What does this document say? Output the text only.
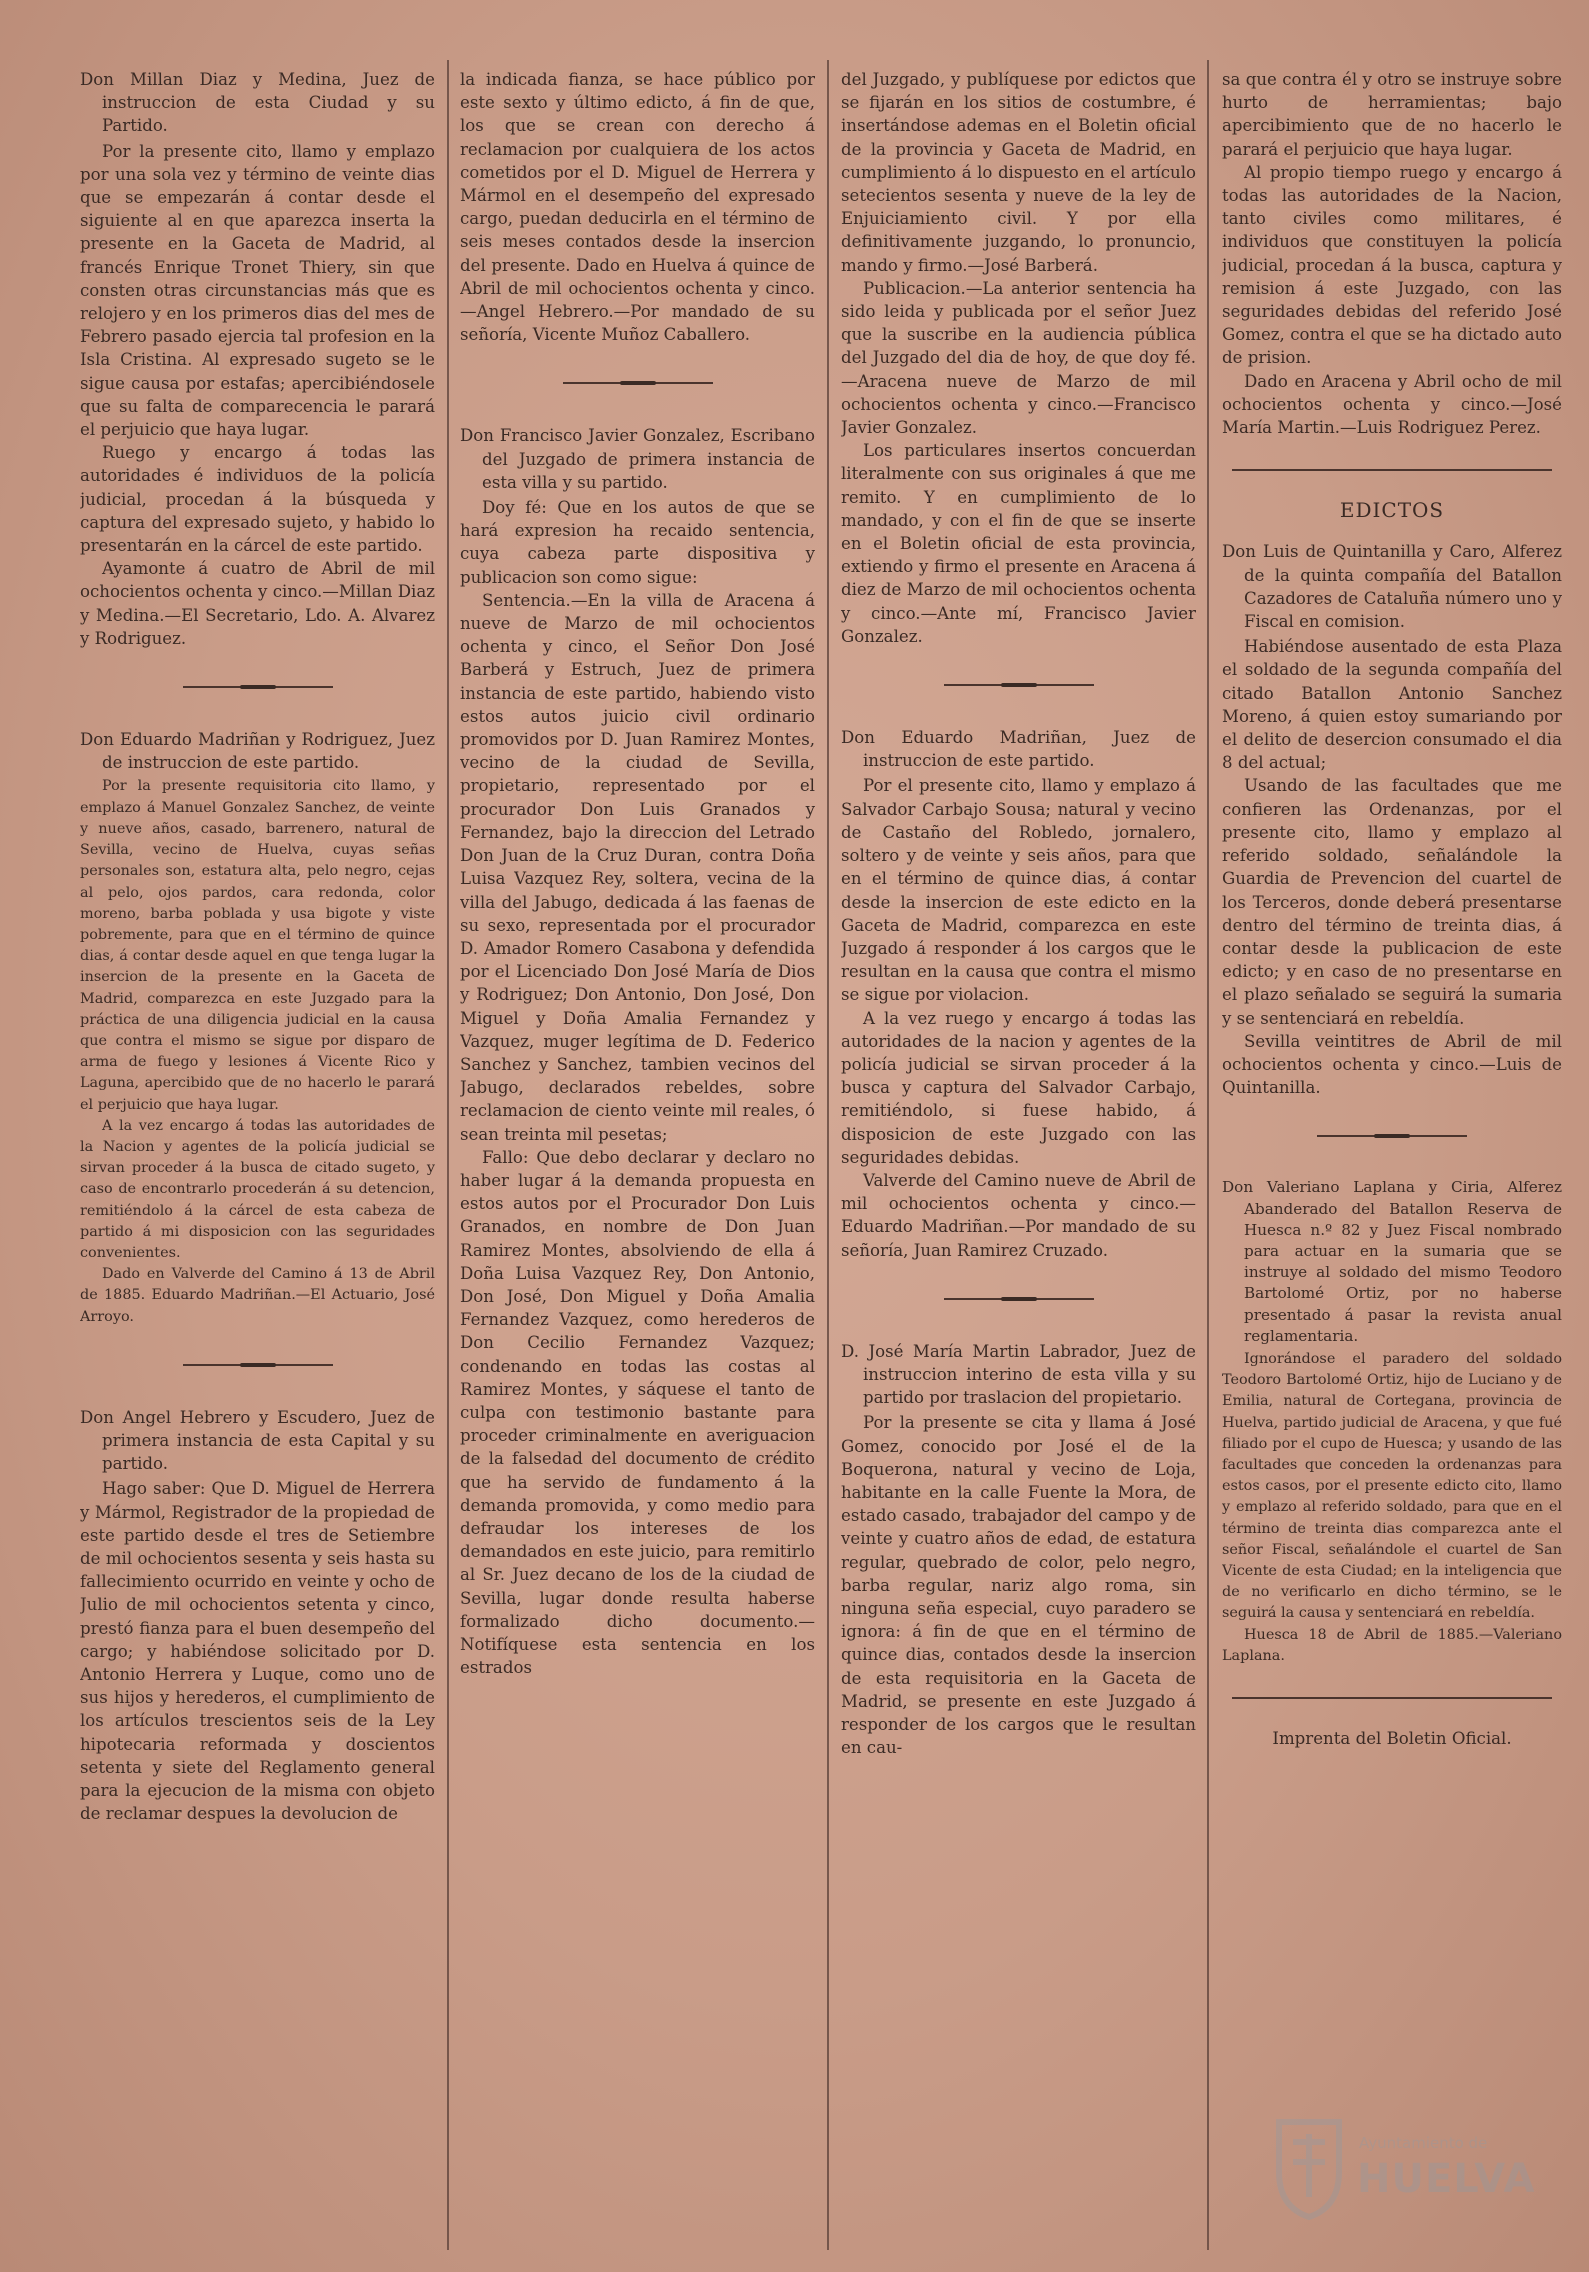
Don Millan Diaz y Medina, Juez de instruccion de esta Ciudad y su Partido.

Por la presente cito, llamo y emplazo por una sola vez y término de veinte dias que se empezarán á contar desde el siguiente al en que aparezca inserta la presente en la Gaceta de Madrid, al francés Enrique Tronet Thiery, sin que consten otras circunstancias más que es relojero y en los primeros dias del mes de Febrero pasado ejercia tal profesion en la Isla Cristina. Al expresado sugeto se le sigue causa por estafas; apercibiéndosele que su falta de comparecencia le parará el perjuicio que haya lugar.

Ruego y encargo á todas las autoridades é individuos de la policía judicial, procedan á la búsqueda y captura del expresado sujeto, y habido lo presentarán en la cárcel de este partido.

Ayamonte á cuatro de Abril de mil ochocientos ochenta y cinco.—Millan Diaz y Medina.—El Secretario, Ldo. A. Alvarez y Rodriguez.

Don Eduardo Madriñan y Rodriguez, Juez de instruccion de este partido.

Por la presente requisitoria cito llamo, y emplazo á Manuel Gonzalez Sanchez, de veinte y nueve años, casado, barrenero, natural de Sevilla, vecino de Huelva, cuyas señas personales son, estatura alta, pelo negro, cejas al pelo, ojos pardos, cara redonda, color moreno, barba poblada y usa bigote y viste pobremente, para que en el término de quince dias, á contar desde aquel en que tenga lugar la insercion de la presente en la Gaceta de Madrid, comparezca en este Juzgado para la práctica de una diligencia judicial en la causa que contra el mismo se sigue por disparo de arma de fuego y lesiones á Vicente Rico y Laguna, apercibido que de no hacerlo le parará el perjuicio que haya lugar.

A la vez encargo á todas las autoridades de la Nacion y agentes de la policía judicial se sirvan proceder á la busca de citado sugeto, y caso de encontrarlo procederán á su detencion, remitiéndolo á la cárcel de esta cabeza de partido á mi disposicion con las seguridades convenientes.

Dado en Valverde del Camino á 13 de Abril de 1885. Eduardo Madriñan.—El Actuario, José Arroyo.

Don Angel Hebrero y Escudero, Juez de primera instancia de esta Capital y su partido.

Hago saber: Que D. Miguel de Herrera y Mármol, Registrador de la propiedad de este partido desde el tres de Setiembre de mil ochocientos sesenta y seis hasta su fallecimiento ocurrido en veinte y ocho de Julio de mil ochocientos setenta y cinco, prestó fianza para el buen desempeño del cargo; y habiéndose solicitado por D. Antonio Herrera y Luque, como uno de sus hijos y herederos, el cumplimiento de los artículos trescientos seis de la Ley hipotecaria reformada y doscientos setenta y siete del Reglamento general para la ejecucion de la misma con objeto de reclamar despues la devolucion de

la indicada fianza, se hace público por este sexto y último edicto, á fin de que, los que se crean con derecho á reclamacion por cualquiera de los actos cometidos por el D. Miguel de Herrera y Mármol en el desempeño del expresado cargo, puedan deducirla en el término de seis meses contados desde la insercion del presente. Dado en Huelva á quince de Abril de mil ochocientos ochenta y cinco.—Angel Hebrero.—Por mandado de su señoría, Vicente Muñoz Caballero.

Don Francisco Javier Gonzalez, Escribano del Juzgado de primera instancia de esta villa y su partido.

Doy fé: Que en los autos de que se hará expresion ha recaido sentencia, cuya cabeza parte dispositiva y publicacion son como sigue:

Sentencia.—En la villa de Aracena á nueve de Marzo de mil ochocientos ochenta y cinco, el Señor Don José Barberá y Estruch, Juez de primera instancia de este partido, habiendo visto estos autos juicio civil ordinario promovidos por D. Juan Ramirez Montes, vecino de la ciudad de Sevilla, propietario, representado por el procurador Don Luis Granados y Fernandez, bajo la direccion del Letrado Don Juan de la Cruz Duran, contra Doña Luisa Vazquez Rey, soltera, vecina de la villa del Jabugo, dedicada á las faenas de su sexo, representada por el procurador D. Amador Romero Casabona y defendida por el Licenciado Don José María de Dios y Rodriguez; Don Antonio, Don José, Don Miguel y Doña Amalia Fernandez y Vazquez, muger legítima de D. Federico Sanchez y Sanchez, tambien vecinos del Jabugo, declarados rebeldes, sobre reclamacion de ciento veinte mil reales, ó sean treinta mil pesetas;

Fallo: Que debo declarar y declaro no haber lugar á la demanda propuesta en estos autos por el Procurador Don Luis Granados, en nombre de Don Juan Ramirez Montes, absolviendo de ella á Doña Luisa Vazquez Rey, Don Antonio, Don José, Don Miguel y Doña Amalia Fernandez Vazquez, como herederos de Don Cecilio Fernandez Vazquez; condenando en todas las costas al Ramirez Montes, y sáquese el tanto de culpa con testimonio bastante para proceder criminalmente en averiguacion de la falsedad del documento de crédito que ha servido de fundamento á la demanda promovida, y como medio para defraudar los intereses de los demandados en este juicio, para remitirlo al Sr. Juez decano de los de la ciudad de Sevilla, lugar donde resulta haberse formalizado dicho documento.—Notifíquese esta sentencia en los estrados

del Juzgado, y publíquese por edictos que se fijarán en los sitios de costumbre, é insertándose ademas en el Boletin oficial de la provincia y Gaceta de Madrid, en cumplimiento á lo dispuesto en el artículo setecientos sesenta y nueve de la ley de Enjuiciamiento civil. Y por ella definitivamente juzgando, lo pronuncio, mando y firmo.—José Barberá.

Publicacion.—La anterior sentencia ha sido leida y publicada por el señor Juez que la suscribe en la audiencia pública del Juzgado del dia de hoy, de que doy fé.—Aracena nueve de Marzo de mil ochocientos ochenta y cinco.—Francisco Javier Gonzalez.

Los particulares insertos concuerdan literalmente con sus originales á que me remito. Y en cumplimiento de lo mandado, y con el fin de que se inserte en el Boletin oficial de esta provincia, extiendo y firmo el presente en Aracena á diez de Marzo de mil ochocientos ochenta y cinco.—Ante mí, Francisco Javier Gonzalez.

Don Eduardo Madriñan, Juez de instruccion de este partido.

Por el presente cito, llamo y emplazo á Salvador Carbajo Sousa; natural y vecino de Castaño del Robledo, jornalero, soltero y de veinte y seis años, para que en el término de quince dias, á contar desde la insercion de este edicto en la Gaceta de Madrid, comparezca en este Juzgado á responder á los cargos que le resultan en la causa que contra el mismo se sigue por violacion.

A la vez ruego y encargo á todas las autoridades de la nacion y agentes de la policía judicial se sirvan proceder á la busca y captura del Salvador Carbajo, remitiéndolo, si fuese habido, á disposicion de este Juzgado con las seguridades debidas.

Valverde del Camino nueve de Abril de mil ochocientos ochenta y cinco.—Eduardo Madriñan.—Por mandado de su señoría, Juan Ramirez Cruzado.

D. José María Martin Labrador, Juez de instruccion interino de esta villa y su partido por traslacion del propietario.

Por la presente se cita y llama á José Gomez, conocido por José el de la Boquerona, natural y vecino de Loja, habitante en la calle Fuente la Mora, de estado casado, trabajador del campo y de veinte y cuatro años de edad, de estatura regular, quebrado de color, pelo negro, barba regular, nariz algo roma, sin ninguna seña especial, cuyo paradero se ignora: á fin de que en el término de quince dias, contados desde la insercion de esta requisitoria en la Gaceta de Madrid, se presente en este Juzgado á responder de los cargos que le resultan en cau-

sa que contra él y otro se instruye sobre hurto de herramientas; bajo apercibimiento que de no hacerlo le parará el perjuicio que haya lugar.

Al propio tiempo ruego y encargo á todas las autoridades de la Nacion, tanto civiles como militares, é individuos que constituyen la policía judicial, procedan á la busca, captura y remision á este Juzgado, con las seguridades debidas del referido José Gomez, contra el que se ha dictado auto de prision.

Dado en Aracena y Abril ocho de mil ochocientos ochenta y cinco.—José María Martin.—Luis Rodriguez Perez.

EDICTOS
Don Luis de Quintanilla y Caro, Alferez de la quinta compañía del Batallon Cazadores de Cataluña número uno y Fiscal en comision.

Habiéndose ausentado de esta Plaza el soldado de la segunda compañía del citado Batallon Antonio Sanchez Moreno, á quien estoy sumariando por el delito de desercion consumado el dia 8 del actual;

Usando de las facultades que me confieren las Ordenanzas, por el presente cito, llamo y emplazo al referido soldado, señalándole la Guardia de Prevencion del cuartel de los Terceros, donde deberá presentarse dentro del término de treinta dias, á contar desde la publicacion de este edicto; y en caso de no presentarse en el plazo señalado se seguirá la sumaria y se sentenciará en rebeldía.

Sevilla veintitres de Abril de mil ochocientos ochenta y cinco.—Luis de Quintanilla.

Don Valeriano Laplana y Ciria, Alferez Abanderado del Batallon Reserva de Huesca n.º 82 y Juez Fiscal nombrado para actuar en la sumaria que se instruye al soldado del mismo Teodoro Bartolomé Ortiz, por no haberse presentado á pasar la revista anual reglamentaria.

Ignorándose el paradero del soldado Teodoro Bartolomé Ortiz, hijo de Luciano y de Emilia, natural de Cortegana, provincia de Huelva, partido judicial de Aracena, y que fué filiado por el cupo de Huesca; y usando de las facultades que conceden la ordenanzas para estos casos, por el presente edicto cito, llamo y emplazo al referido soldado, para que en el término de treinta dias comparezca ante el señor Fiscal, señalándole el cuartel de San Vicente de esta Ciudad; en la inteligencia que de no verificarlo en dicho término, se le seguirá la causa y sentenciará en rebeldía.

Huesca 18 de Abril de 1885.—Valeriano Laplana.

Imprenta del Boletin Oficial.
Ayuntamiento de
HUELVA
